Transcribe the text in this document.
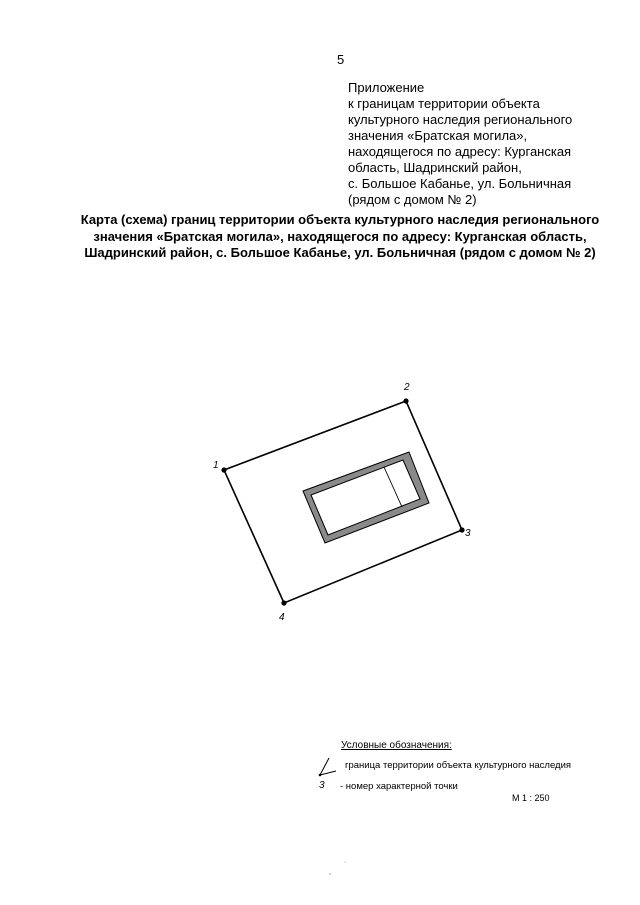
5
Приложение
к границам территории объекта
культурного наследия регионального
значения «Братская могила»,
находящегося по адресу: Курганская
область, Шадринский район,
с. Большое Кабанье, ул. Больничная
(рядом с домом № 2)
Карта (схема) границ территории объекта культурного наследия регионального
значения «Братская могила», находящегося по адресу: Курганская область,
Шадринский район, с. Большое Кабанье, ул. Больничная (рядом с домом № 2)
1
2
3
4
Условные обозначения:
граница территории объекта культурного наследия
3 - номер характерной точки
М 1 : 250
